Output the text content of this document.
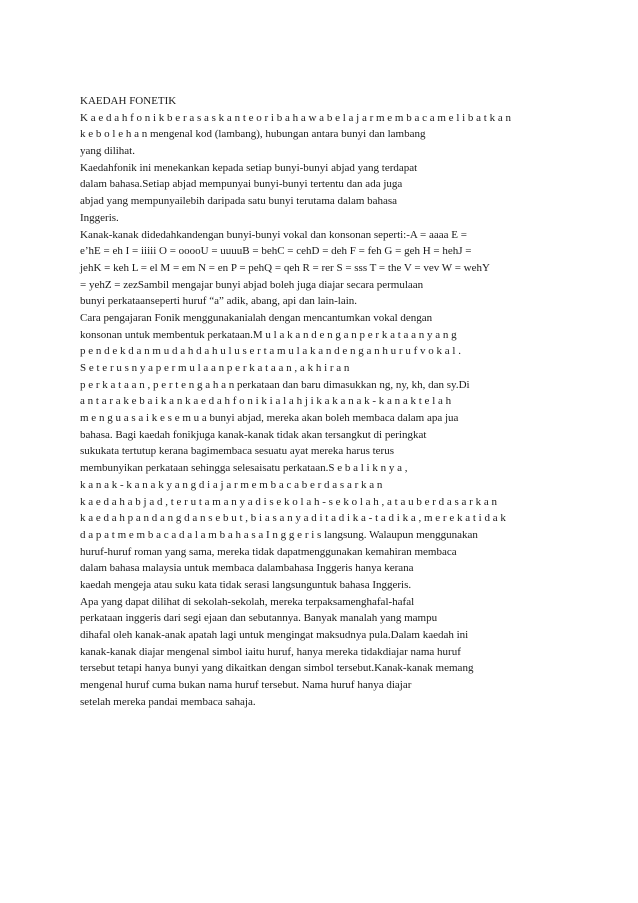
KAEDAH FONETIK
K a e d a h f o n i k b e r a s a s k a n t e o r i b a h a w a b e l a j a r m e m b a c a m e l i b a t k a n
k e b o l e h a n mengenal kod (lambang), hubungan antara bunyi dan lambang
yang dilihat.
Kaedahfonik ini menekankan kepada setiap bunyi-bunyi abjad yang terdapat
dalam bahasa.Setiap abjad mempunyai bunyi-bunyi tertentu dan ada juga
abjad yang mempunyailebih daripada satu bunyi terutama dalam bahasa
Inggeris.
Kanak-kanak didedahkandengan bunyi-bunyi vokal dan konsonan seperti:-A = aaaa E =
e’hE = eh I = iiiii O = ooooU = uuuuB = behC = cehD = deh F = feh G = geh H = hehJ =
jehK = keh L = el M = em N = en P = pehQ = qeh R = rer S = sss T = the V = vev W = wehY
= yehZ = zezSambil mengajar bunyi abjad boleh juga diajar secara permulaan
bunyi perkataanseperti huruf “a” adik, abang, api dan lain-lain.
Cara pengajaran Fonik menggunakanialah dengan mencantumkan vokal dengan
konsonan untuk membentuk perkataan.M u l a k a n d e n g a n p e r k a t a a n y a n g
p e n d e k d a n m u d a h d a h u l u s e r t a m u l a k a n d e n g a n h u r u f v o k a l .
S e t e r u s n y a p e r m u l a a n p e r k a t a a n , a k h i r a n
p e r k a t a a n , p e r t e n g a h a n perkataan dan baru dimasukkan ng, ny, kh, dan sy.Di
a n t a r a k e b a i k a n k a e d a h f o n i k i a l a h j i k a k a n a k - k a n a k t e l a h
m e n g u a s a i k e s e m u a bunyi abjad, mereka akan boleh membaca dalam apa jua
bahasa. Bagi kaedah fonikjuga kanak-kanak tidak akan tersangkut di peringkat
sukukata tertutup kerana bagimembaca sesuatu ayat mereka harus terus
membunyikan perkataan sehingga selesaisatu perkataan.S e b a l i k n y a ,
k a n a k - k a n a k y a n g d i a j a r m e m b a c a b e r d a s a r k a n
k a e d a h a b j a d , t e r u t a m a n y a d i s e k o l a h - s e k o l a h , a t a u b e r d a s a r k a n
k a e d a h p a n d a n g d a n s e b u t , b i a s a n y a d i t a d i k a - t a d i k a , m e r e k a t i d a k
d a p a t m e m b a c a d a l a m b a h a s a I n g g e r i s langsung. Walaupun menggunakan
huruf-huruf roman yang sama, mereka tidak dapatmenggunakan kemahiran membaca
dalam bahasa malaysia untuk membaca dalambahasa Inggeris hanya kerana
kaedah mengeja atau suku kata tidak serasi langsunguntuk bahasa Inggeris.
Apa yang dapat dilihat di sekolah-sekolah, mereka terpaksamenghafal-hafal
perkataan inggeris dari segi ejaan dan sebutannya. Banyak manalah yang mampu
dihafal oleh kanak-anak apatah lagi untuk mengingat maksudnya pula.Dalam kaedah ini
kanak-kanak diajar mengenal simbol iaitu huruf, hanya mereka tidakdiajar nama huruf
tersebut tetapi hanya bunyi yang dikaitkan dengan simbol tersebut.Kanak-kanak memang
mengenal huruf cuma bukan nama huruf tersebut. Nama huruf hanya diajar
setelah mereka pandai membaca sahaja.
